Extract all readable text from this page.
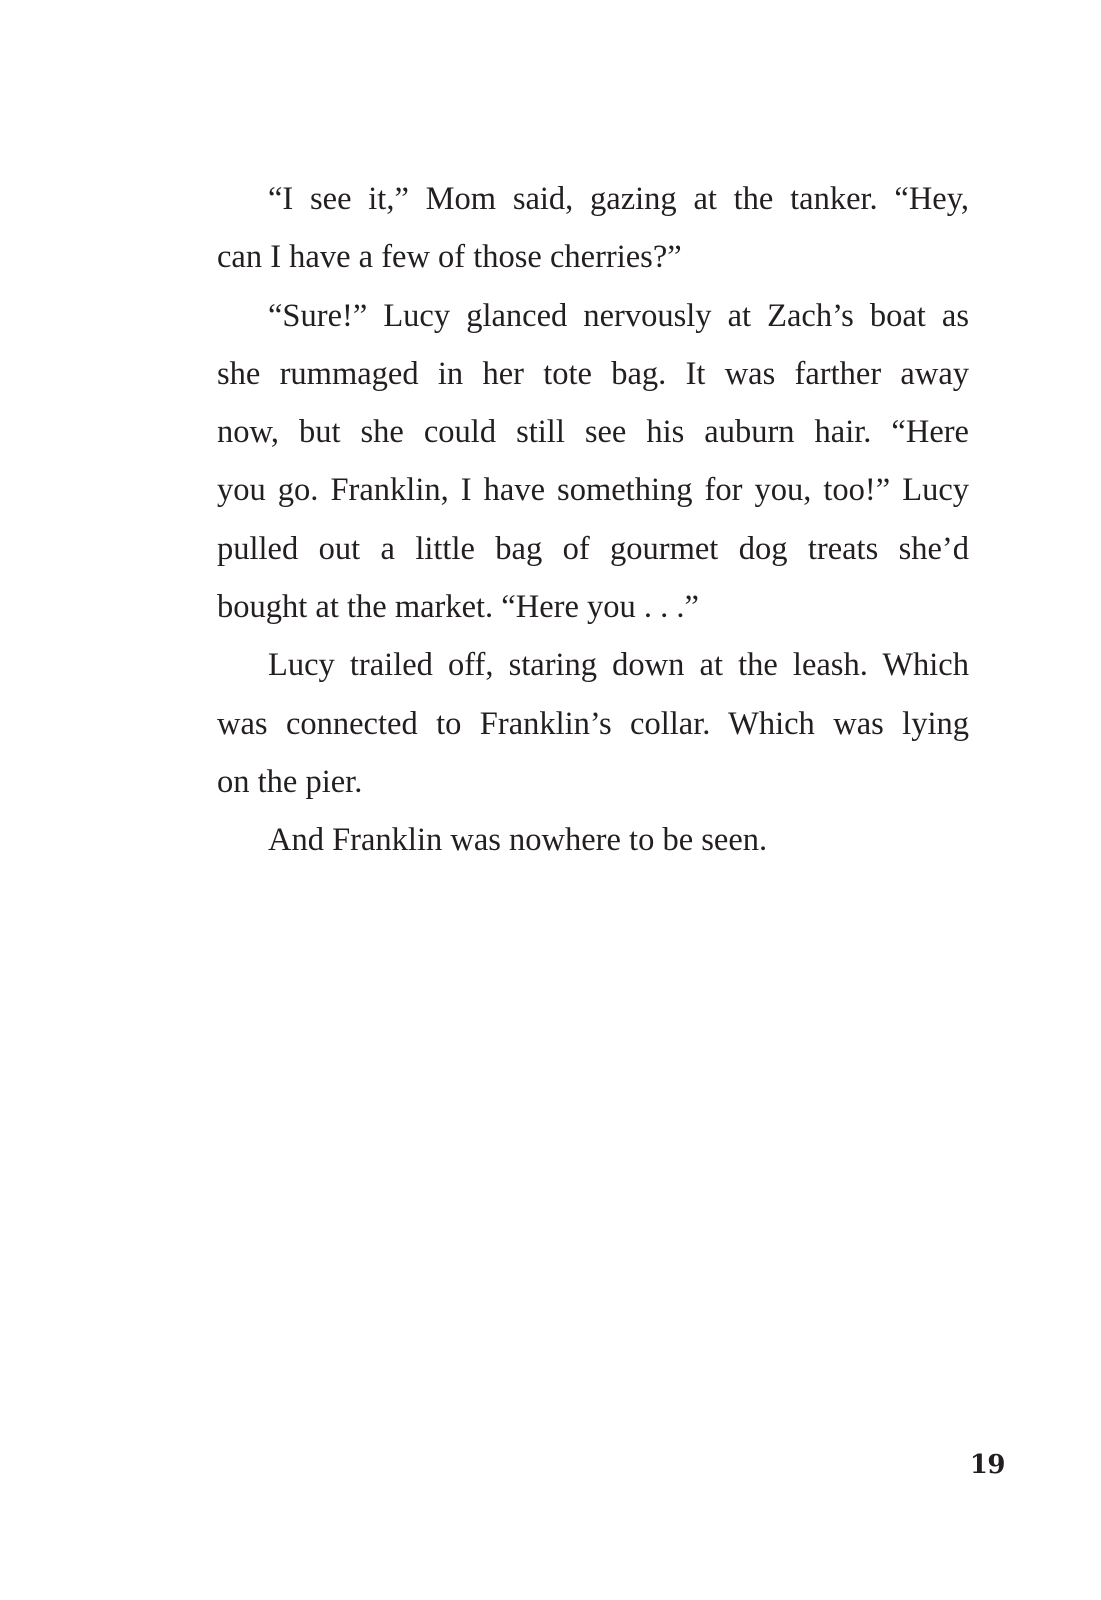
“I see it,” Mom said, gazing at the tanker. “Hey,
can I have a few of those cherries?”
“Sure!” Lucy glanced nervously at Zach’s boat as
she rummaged in her tote bag. It was farther away
now, but she could still see his auburn hair. “Here
you go. Franklin, I have something for you, too!” Lucy
pulled out a little bag of gourmet dog treats she’d
bought at the market. “Here you . . .”
Lucy trailed off, staring down at the leash. Which
was connected to Franklin’s collar. Which was lying
on the pier.
And Franklin was nowhere to be seen.
19
